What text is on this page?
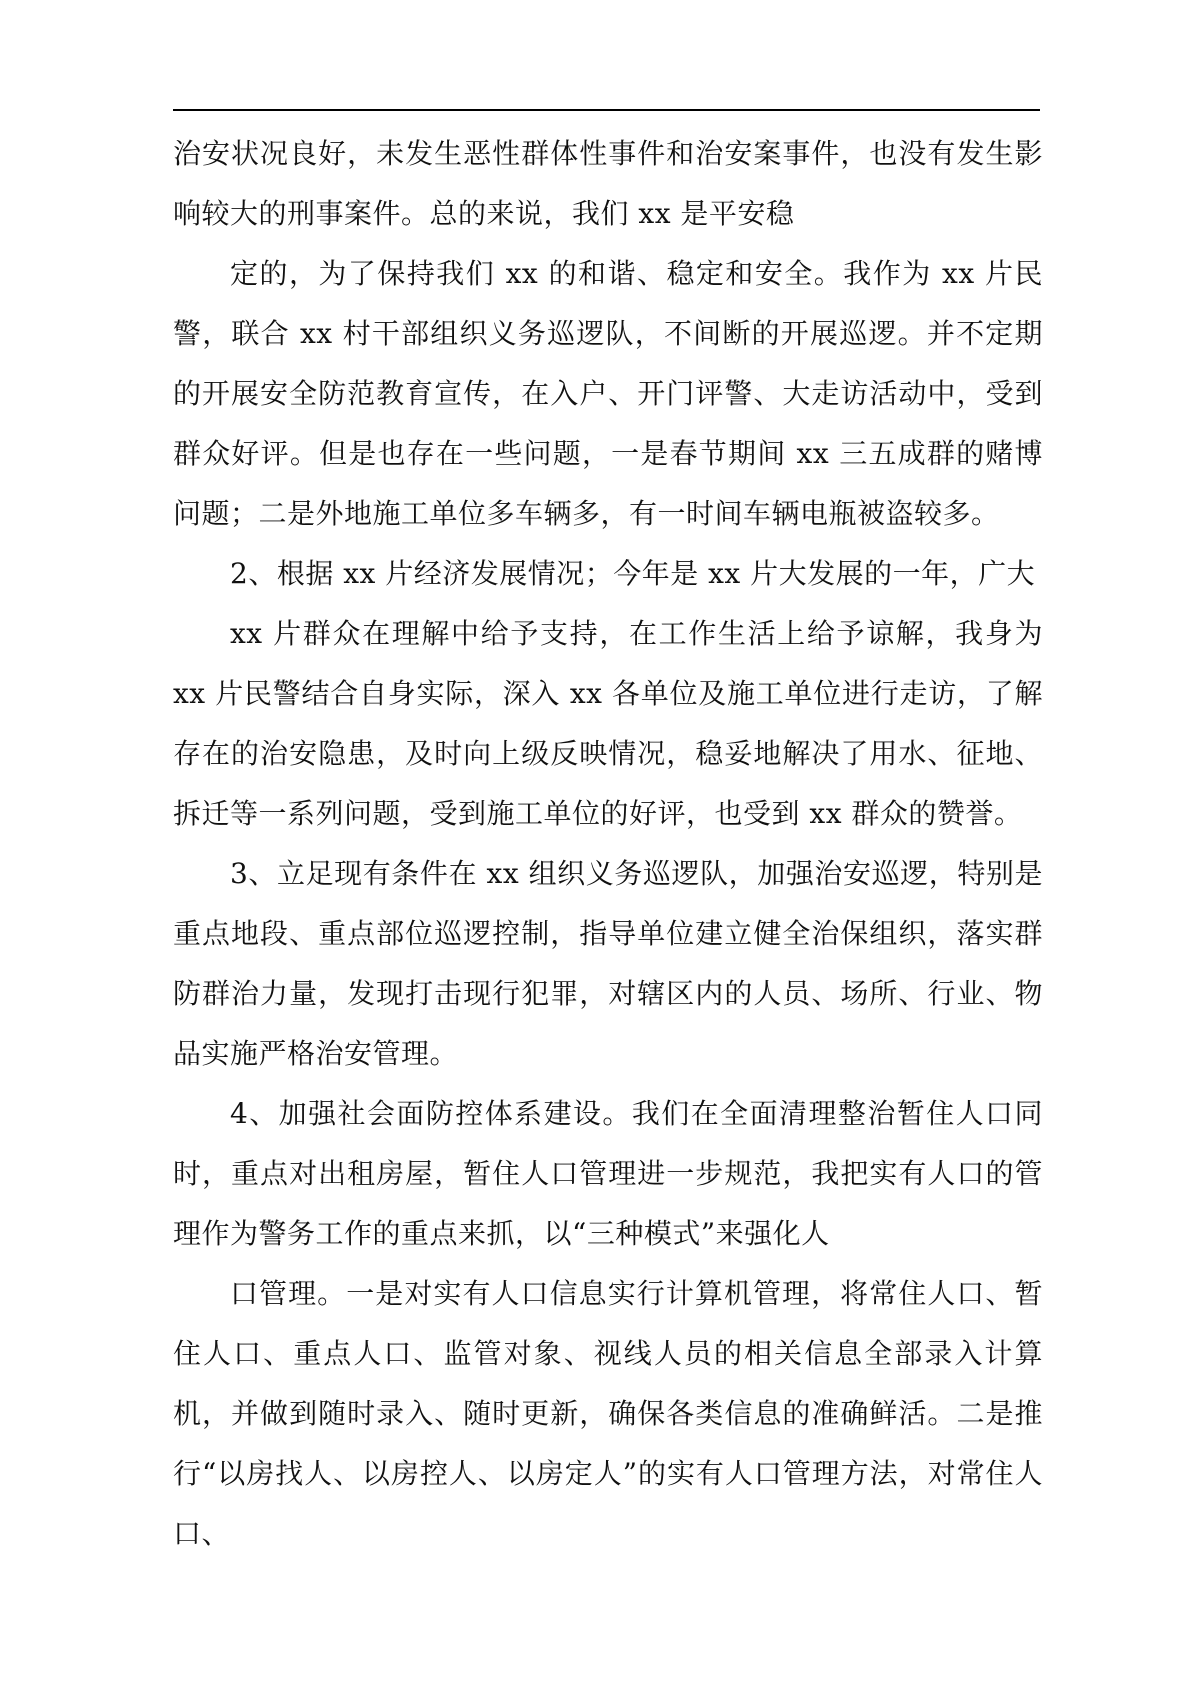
治安状况良好，未发生恶性群体性事件和治安案事件，也没有发生影响较大的刑事案件。总的来说，我们 xx 是平安稳

定的，为了保持我们 xx 的和谐、稳定和安全。我作为 xx 片民警，联合 xx 村干部组织义务巡逻队，不间断的开展巡逻。并不定期的开展安全防范教育宣传，在入户、开门评警、大走访活动中，受到群众好评。但是也存在一些问题，一是春节期间 xx 三五成群的赌博问题；二是外地施工单位多车辆多，有一时间车辆电瓶被盗较多。

2、根据 xx 片经济发展情况；今年是 xx 片大发展的一年，广大

xx 片群众在理解中给予支持，在工作生活上给予谅解，我身为 xx 片民警结合自身实际，深入 xx 各单位及施工单位进行走访，了解存在的治安隐患，及时向上级反映情况，稳妥地解决了用水、征地、拆迁等一系列问题，受到施工单位的好评，也受到 xx 群众的赞誉。

3、立足现有条件在 xx 组织义务巡逻队，加强治安巡逻，特别是重点地段、重点部位巡逻控制，指导单位建立健全治保组织，落实群防群治力量，发现打击现行犯罪，对辖区内的人员、场所、行业、物品实施严格治安管理。

4、加强社会面防控体系建设。我们在全面清理整治暂住人口同时，重点对出租房屋，暂住人口管理进一步规范，我把实有人口的管理作为警务工作的重点来抓，以“三种模式”来强化人

口管理。一是对实有人口信息实行计算机管理，将常住人口、暂住人口、重点人口、监管对象、视线人员的相关信息全部录入计算机，并做到随时录入、随时更新，确保各类信息的准确鲜活。二是推行“以房找人、以房控人、以房定人”的实有人口管理方法，对常住人口、
